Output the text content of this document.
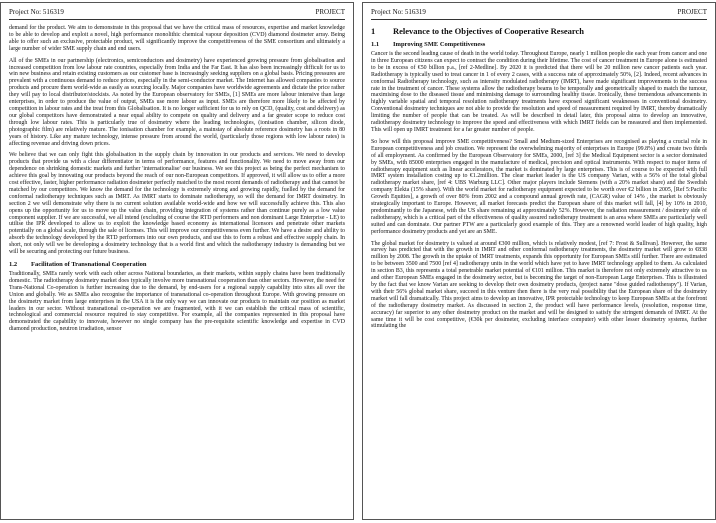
Project No: 516319	PROJECT

demand for the product. We aim to demonstrate in this proposal that we have the critical mass of resources, expertise and market knowledge to be able to develop and exploit a novel, high performance monolithic chemical vapour deposition (CVD) diamond dosimeter array. Being able to offer such an exclusive, protectable product, will significantly improve the competitiveness of the SME consortium and ultimately a large number of wider SME supply chain and end users.

All of the SMEs in our partnership (electronics, semiconductors and dosimetry) have experienced growing pressure from globalisation and increased competition from low labour rate countries, especially from India and the Far East. It has also been increasingly difficult for us to win new business and retain existing customers as our customer base is increasingly seeking suppliers on a global basis. Pricing pressures are prevalent with a continuous demand to reduce prices, especially in the semi-conductor market. The Internet has allowed companies to source products and procure them world-wide as easily as sourcing locally. Major companies have worldwide agreements and dictate the price rather they will pay to local distributor/stockists. As noted by the European observatory for SMEs, [1] SMEs are more labour intensive than large enterprises, in order to produce the value of output, SMEs use more labour as input. SMEs are therefore more likely to be affected by competition in labour rates and the treat from this Globalisation. It is no longer sufficient for us to rely on QCD, (quality, cost and delivery) as our global competitors have demonstrated a near equal ability to compete on quality and delivery and a far greater scope to reduce cost through low labour rates. This is particularly true of dosimetry where the leading technologies, (ionisation chamber, silicon diode, photographic film) are relatively mature. The ionisation chamber for example, a mainstay of absolute reference dosimetry has a roots in 80 years of history. Like any mature technology, intense pressure from around the world, (particularly those regions with low labour rates) is affecting revenue and driving down prices.

We believe that we can only fight this globalisation in the supply chain by innovation in our products and services. We need to develop products that provide us with a clear differentiator in terms of performance, features and functionality. We need to move away from our dependence on shrinking domestic markets and further 'internationalise' our business. We see this project as being the perfect mechanism to achieve this goal by innovating our products beyond the reach of our non-European competitors. If approved, it will allow us to offer a more cost effective, faster, higher performance radiation dosimeter perfectly matched to the most recent demands of radiotherapy and that cannot be matched by our competitors. We know the demand for the technology is extremely strong and growing rapidly, fuelled by the demand for conformal radiotherapy techniques such as IMRT. As IMRT starts to dominate radiotherapy, so will the demand for IMRT dosimetry. In section 2 we will demonstrate why there is no current solution available world-wide and how we will successfully achieve this. This also opens up the opportunity for us to move up the value chain, providing integration of systems rather than continue purely as a low value component supplier. If we are successful, we all intend (excluding of course the RTD performers and non dominant Large Enterprise - LE) to utilise the IPR developed to allow us to exploit the knowledge based economy as international licensors and penetrate other markets potentially on a global scale, through the sale of licenses. This will improve our competitiveness even further. We have a desire and ability to absorb the technology developed by the RTD performers into our own products, and use this to form a robust and effective supply chain. In short, not only will we be developing a dosimetry technology that is a world first and which the radiotherapy industry is demanding but we will be securing and protecting our future business.

1.2	Facilitation of Transnational Cooperation

Traditionally, SMEs rarely work with each other across National boundaries, as their markets, within supply chains have been traditionally domestic. The radiotherapy dosimetry market does typically involve more transnational cooperation than other sectors. However, the need for Trans-National Co-operation is further increasing due to the demand, by end-users for a regional supply capability into sites all over the Union and globally. We as SMEs also recognise the importance of transnational co-operation throughout Europe. With growing pressure on the dosimetry market from large enterprises in the USA it is the only way we can innovate our products to maintain our position as market leaders in our sector. Without transnational co-operation we are fragmented, with it we can establish the critical mass of scientific, technological and commercial resource required to stay competitive. For example, all the companies represented in this proposal have demonstrated the capability to innovate, however no single company has the pre-requisite scientific knowledge and expertise in CVD diamond production, neutron irradiation, sensor

Project No: 516319	PROJECT
1	Relevance to the Objectives of Cooperative Research
1.1	Improving SME Competitiveness

Cancer is the second leading cause of death in the world today. Throughout Europe, nearly 1 million people die each year from cancer and one in three European citizens can expect to contract the condition during their lifetime. The cost of cancer treatment in Europe alone is estimated to be in excess of €50 billion p.a., [ref 2-Medline]. By 2020 it is predicted that there will be 20 million new cancer patients each year. Radiotherapy is typically used to treat cancer in 1 of every 2 cases, with a success rate of approximately 50%, [2]. Indeed, recent advances in conformal Radiotherapy technology, such as intensity modulated radiotherapy (IMRT), have made significant improvements to the success rate in the treatment of cancer. These systems allow the radiotherapy beams to be temporally and geometrically shaped to match the tumour, maximising dose to the diseased tissue and minimising damage to surrounding healthy tissue. Ironically, these tremendous advancements in highly variable spatial and temporal resolution radiotherapy treatments have exposed significant weaknesses in conventional dosimetry. Conventional dosimetry techniques are not able to provide the resolution and speed of measurement required by IMRT, thereby dramatically limiting the number of people that can be treated. As will be described in detail later, this proposal aims to develop an innovative, radiotherapy dosimetry technology to improve the speed and effectiveness with which IMRT fields can be measured and then implemented. This will open up IMRT treatment for a far greater number of people.

So how will this proposal improve SME competitiveness? Small and Medium-sized Enterprises are recognised as playing a crucial role in European competitiveness and job creation. We represent the overwhelming majority of enterprises in Europe (99.8%) and create two thirds of all employment. As confirmed by the European Observatory for SMEs, 2000, [ref 3] the Medical Equipment sector is a sector dominated by SMEs, with 85000 enterprises engaged in the manufacture of medical, precision and optical instruments. With respect to major items of radiotherapy equipment such as linear accelerators, the market is dominated by large enterprises. This is of course to be expected with full IMRT system installation costing up to €1.2million. The clear market leader is the US company Varian, with a 56% of the total global radiotherapy market share, [ref 4: UBS Warburg LLC]. Other major players include Siemens (with a 20% market share) and the Swedish company Elekta (15% share). With the world market for radiotherapy equipment expected to be worth over €2 billion in 2005, [Ref 5:Pacific Growth Equities], a growth of over 80% from 2002 and a compound annual growth rate, (CAGR) value of 14% , the market is obviously strategically important to Europe. However, all market forecasts predict the European share of this market will fall, [4] by 10% in 2010, predominantly to the Japanese, with the US share remaining at approximately 52%. However, the radiation measurement / dosimetry side of radiotherapy, which is a critical part of the effectiveness of quality assured radiotherapy treatment is an area where SMEs are particularly well suited and can dominate. Our partner PTW are a particularly good example of this. They are a renowned world leader of high quality, high performance dosimetry products and yet are an SME.

The global market for dosimetry is valued at around €300 million, which is relatively modest, [ref 7: Frost & Sullivan]. However, the same survey has predicted that with the growth in IMRT and other conformal radiotherapy treatments, the dosimetry market will grow to €838 million by 2008. The growth in the uptake of IMRT treatments, expands this opportunity for European SMEs still further. There are estimated to be between 3500 and 7500 [ref 4] radiotherapy units in the world which have yet to have IMRT technology applied to them. As calculated in section B3, this represents a total penetrable market potential of €101 million. This market is therefore not only extremely attractive to us and other European SMEs engaged in the dosimetry sector, but is becoming the target of non-European Large Enterprises. This is illustrated by the fact that we know Varian are seeking to develop their own dosimetry products, (project name "dose guided radiotherapy"). If Varian, with their 56% global market share, succeed in this venture then there is the very real possibility that the European share of the dosimetry market will fall dramatically. This project aims to develop an innovative, IPR protectable technology to keep European SMEs at the forefront of the radiotherapy dosimetry market. As discussed in section 2, the product will have performance levels, (resolution, response time, accuracy) far superior to any other dosimetry product on the market and will be designed to satisfy the stringent demands of IMRT. At the same time it will be cost competitive, (€30k per dosimeter, excluding interface computer) with other lesser dosimetry systems, further stimulating the
